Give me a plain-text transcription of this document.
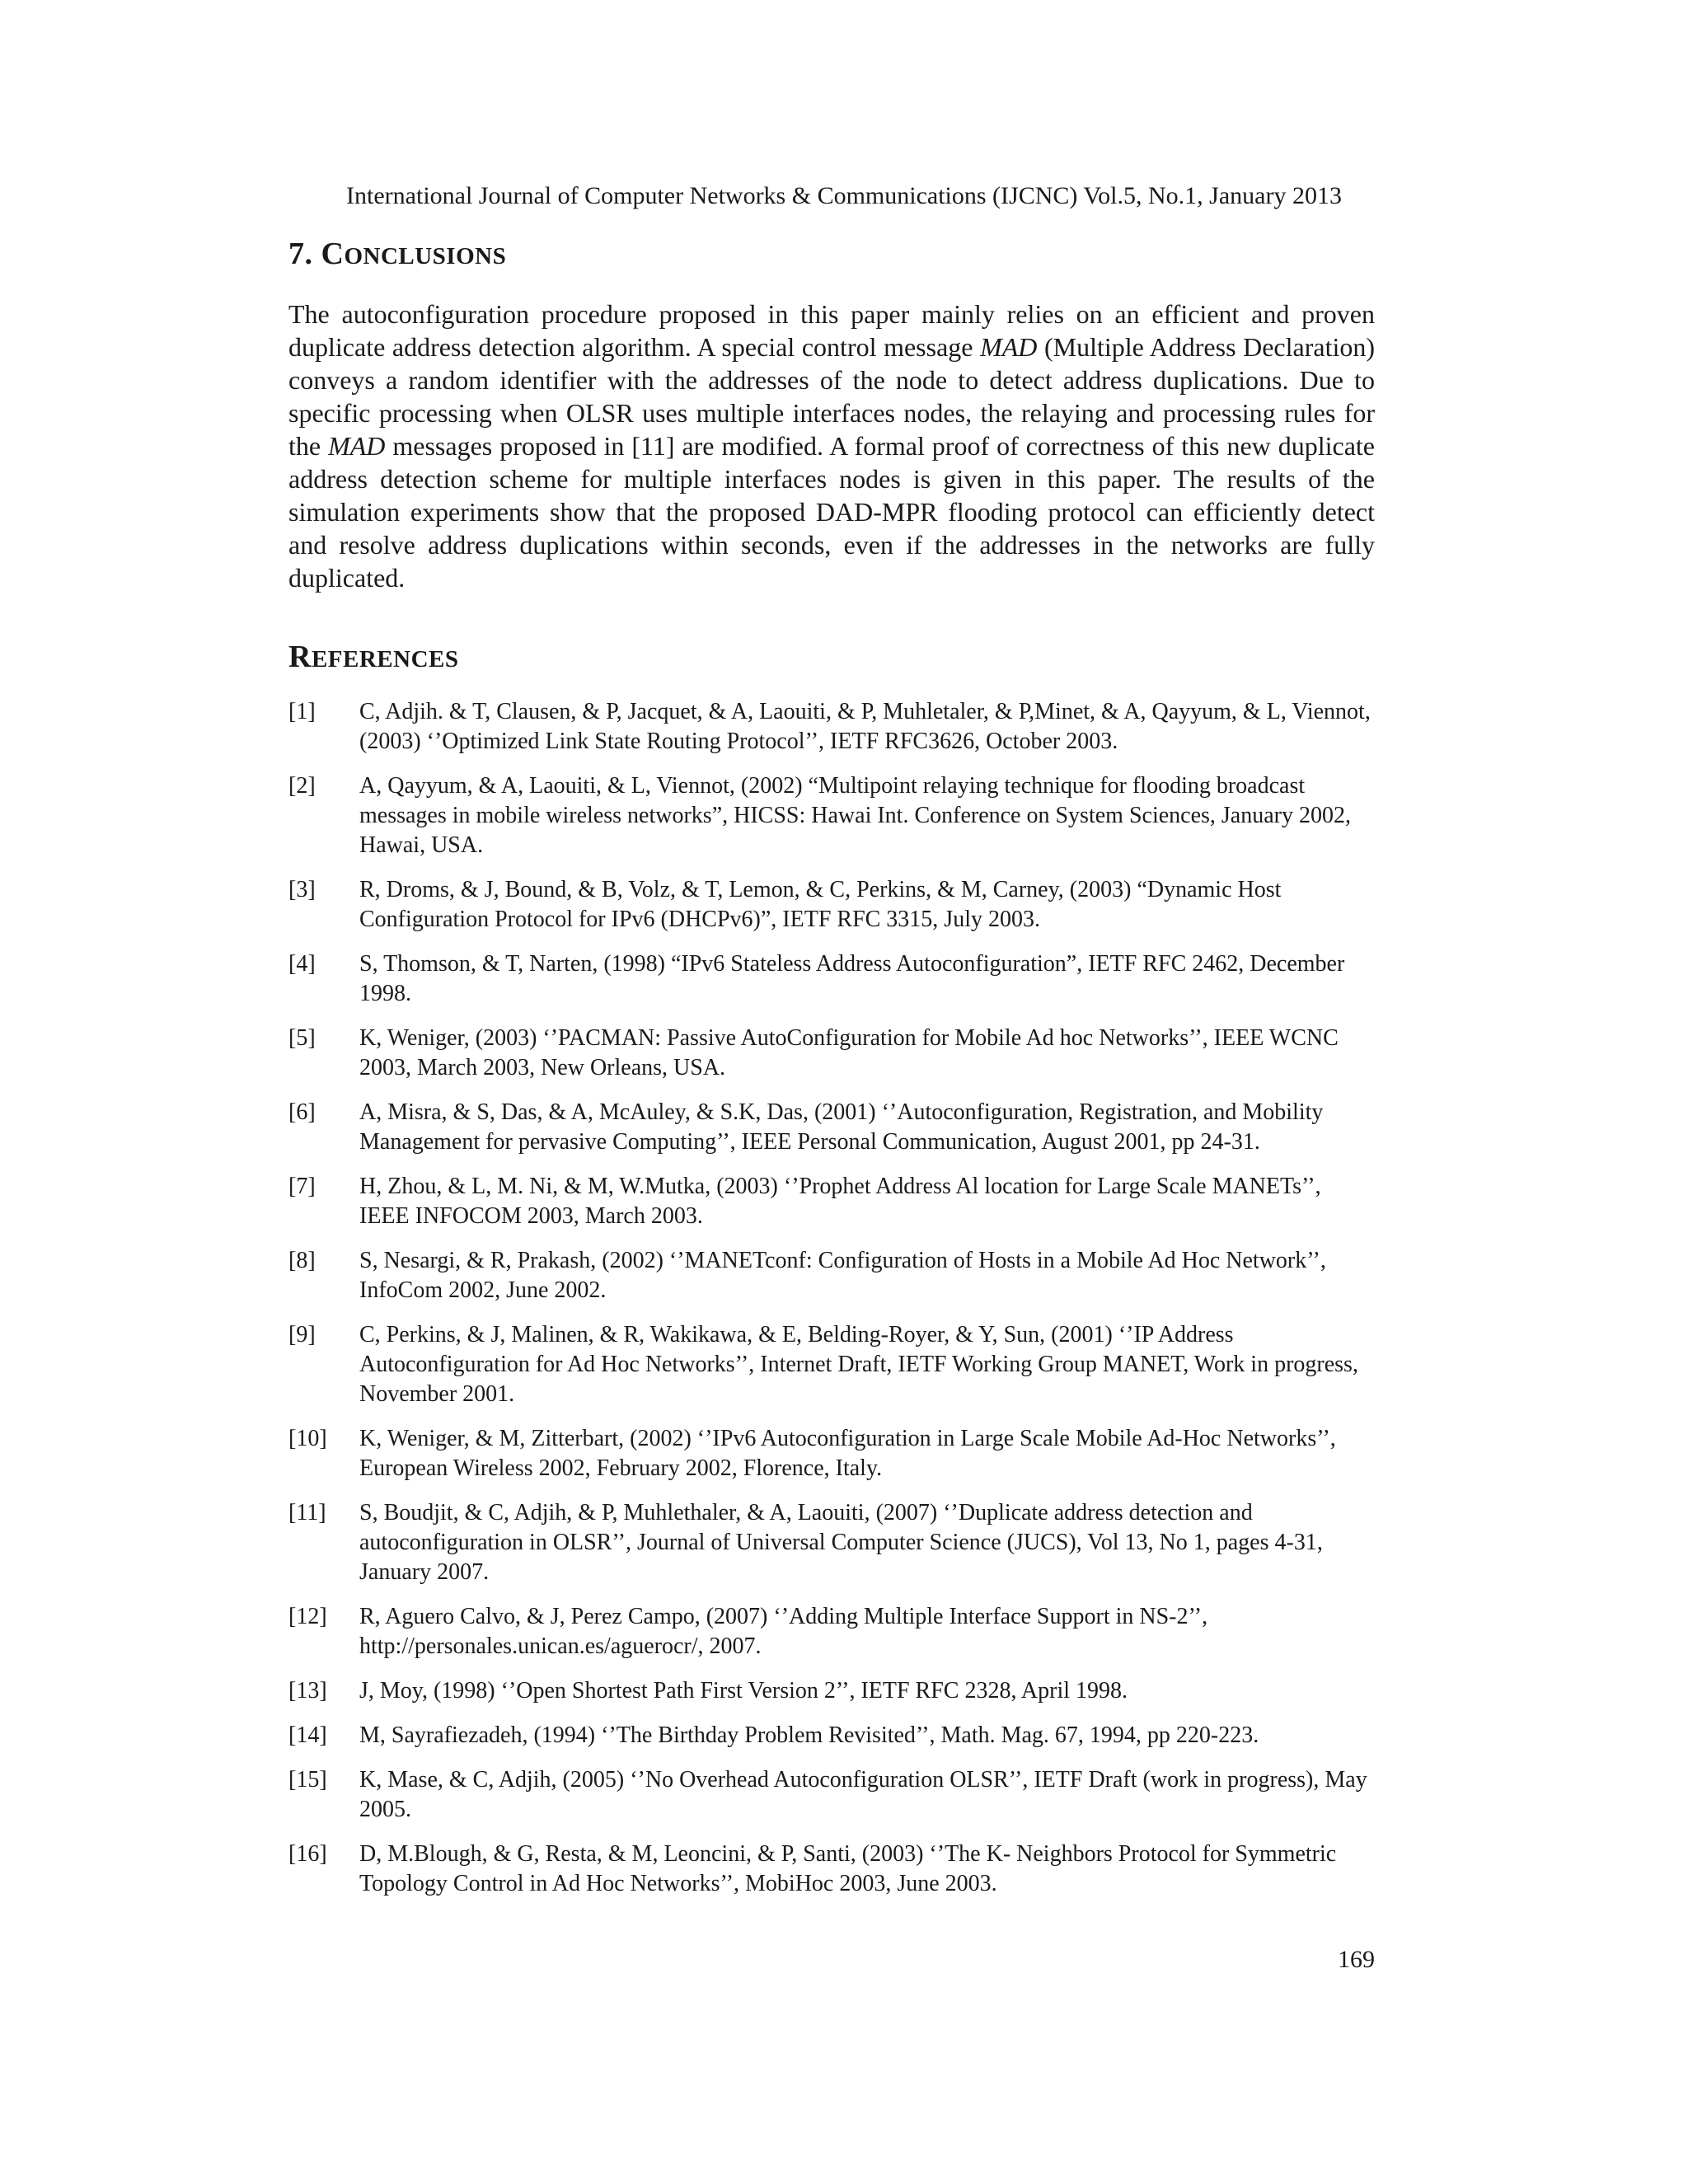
International Journal of Computer Networks & Communications (IJCNC) Vol.5, No.1, January 2013
7. CONCLUSIONS

The autoconfiguration procedure proposed in this paper mainly relies on an efficient and proven duplicate address detection algorithm. A special control message MAD (Multiple Address Declaration) conveys a random identifier with the addresses of the node to detect address duplications. Due to specific processing when OLSR uses multiple interfaces nodes, the relaying and processing rules for the MAD messages proposed in [11] are modified. A formal proof of correctness of this new duplicate address detection scheme for multiple interfaces nodes is given in this paper. The results of the simulation experiments show that the proposed DAD-MPR flooding protocol can efficiently detect and resolve address duplications within seconds, even if the addresses in the networks are fully duplicated.

REFERENCES
[1]	C, Adjih. & T, Clausen, & P, Jacquet, & A, Laouiti, & P, Muhletaler, & P,Minet, & A, Qayyum, & L, Viennot, (2003) ‘’Optimized Link State Routing Protocol’’, IETF RFC3626, October 2003.
[2]	A, Qayyum, & A, Laouiti, & L, Viennot, (2002) “Multipoint relaying technique for flooding broadcast messages in mobile wireless networks”, HICSS: Hawai Int. Conference on System Sciences, January 2002, Hawai, USA.
[3]	R, Droms, & J, Bound, & B, Volz, & T, Lemon, & C, Perkins, & M, Carney, (2003) “Dynamic Host Configuration Protocol for IPv6 (DHCPv6)”, IETF RFC 3315, July 2003.
[4]	S, Thomson, & T, Narten, (1998) “IPv6 Stateless Address Autoconfiguration”, IETF RFC 2462, December 1998.
[5]	K, Weniger, (2003) ‘’PACMAN: Passive AutoConfiguration for Mobile Ad hoc Networks’’, IEEE WCNC 2003, March 2003, New Orleans, USA.
[6]	A, Misra, & S, Das, & A, McAuley, & S.K, Das, (2001) ‘’Autoconfiguration, Registration, and Mobility Management for pervasive Computing’’, IEEE Personal Communication, August 2001, pp 24-31.
[7]	H, Zhou, & L, M. Ni, & M, W.Mutka, (2003) ‘’Prophet Address Al location for Large Scale MANETs’’, IEEE INFOCOM 2003, March 2003.
[8]	S, Nesargi, & R, Prakash, (2002) ‘’MANETconf: Configuration of Hosts in a Mobile Ad Hoc Network’’, InfoCom 2002, June 2002.
[9]	C, Perkins, & J, Malinen, & R, Wakikawa, & E, Belding-Royer, & Y, Sun, (2001) ‘’IP Address Autoconfiguration for Ad Hoc Networks’’, Internet Draft, IETF Working Group MANET, Work in progress, November 2001.
[10]	K, Weniger, & M, Zitterbart, (2002) ‘’IPv6 Autoconfiguration in Large Scale Mobile Ad-Hoc Networks’’, European Wireless 2002, February 2002, Florence, Italy.
[11]	S, Boudjit, & C, Adjih, & P, Muhlethaler, & A, Laouiti, (2007) ‘’Duplicate address detection and autoconfiguration in OLSR’’, Journal of Universal Computer Science (JUCS), Vol 13, No 1, pages 4-31, January 2007.
[12]	R, Aguero Calvo, & J, Perez Campo, (2007) ‘’Adding Multiple Interface Support in NS-2’’, http://personales.unican.es/aguerocr/, 2007.
[13]	J, Moy, (1998) ‘’Open Shortest Path First Version 2’’, IETF RFC 2328, April 1998.
[14]	M, Sayrafiezadeh, (1994) ‘’The Birthday Problem Revisited’’, Math. Mag. 67, 1994, pp 220-223.
[15]	K, Mase, & C, Adjih, (2005) ‘’No Overhead Autoconfiguration OLSR’’, IETF Draft (work in progress), May 2005.
[16]	D, M.Blough, & G, Resta, & M, Leoncini, & P, Santi, (2003) ‘’The K- Neighbors Protocol for Symmetric Topology Control in Ad Hoc Networks’’, MobiHoc 2003, June 2003.
169
